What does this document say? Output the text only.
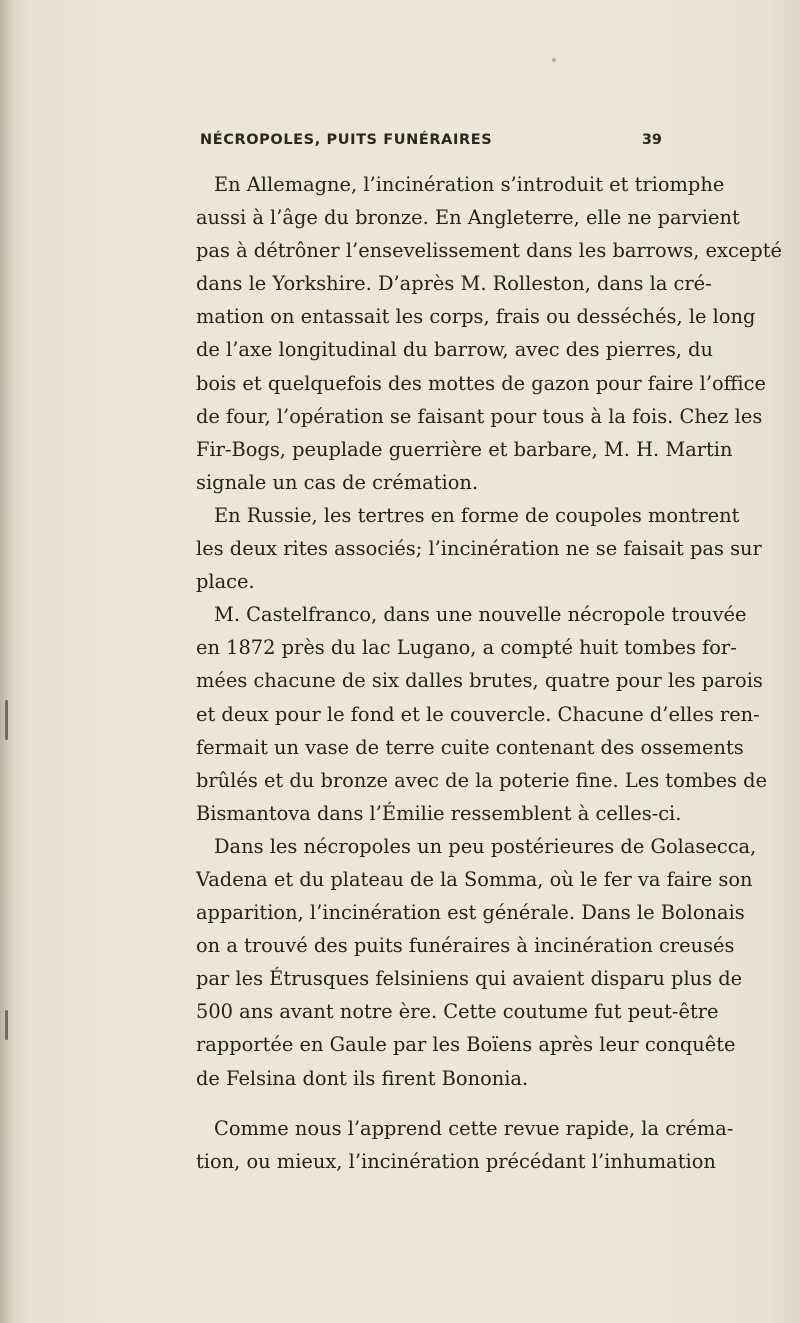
NÉCROPOLES, PUITS FUNÉRAIRES	39
En Allemagne, l’incinération s’introduit et triomphe
aussi à l’âge du bronze. En Angleterre, elle ne parvient
pas à détrôner l’ensevelissement dans les barrows, excepté
dans le Yorkshire. D’après M. Rolleston, dans la cré-
mation on entassait les corps, frais ou desséchés, le long
de l’axe longitudinal du barrow, avec des pierres, du
bois et quelquefois des mottes de gazon pour faire l’office
de four, l’opération se faisant pour tous à la fois. Chez les
Fir-Bogs, peuplade guerrière et barbare, M. H. Martin
signale un cas de crémation.
En Russie, les tertres en forme de coupoles montrent
les deux rites associés; l’incinération ne se faisait pas sur
place.
M. Castelfranco, dans une nouvelle nécropole trouvée
en 1872 près du lac Lugano, a compté huit tombes for-
mées chacune de six dalles brutes, quatre pour les parois
et deux pour le fond et le couvercle. Chacune d’elles ren-
fermait un vase de terre cuite contenant des ossements
brûlés et du bronze avec de la poterie fine. Les tombes de
Bismantova dans l’Émilie ressemblent à celles-ci.
Dans les nécropoles un peu postérieures de Golasecca,
Vadena et du plateau de la Somma, où le fer va faire son
apparition, l’incinération est générale. Dans le Bolonais
on a trouvé des puits funéraires à incinération creusés
par les Étrusques felsiniens qui avaient disparu plus de
500 ans avant notre ère. Cette coutume fut peut-être
rapportée en Gaule par les Boïens après leur conquête
de Felsina dont ils firent Bononia.
Comme nous l’apprend cette revue rapide, la créma-
tion, ou mieux, l’incinération précédant l’inhumation
